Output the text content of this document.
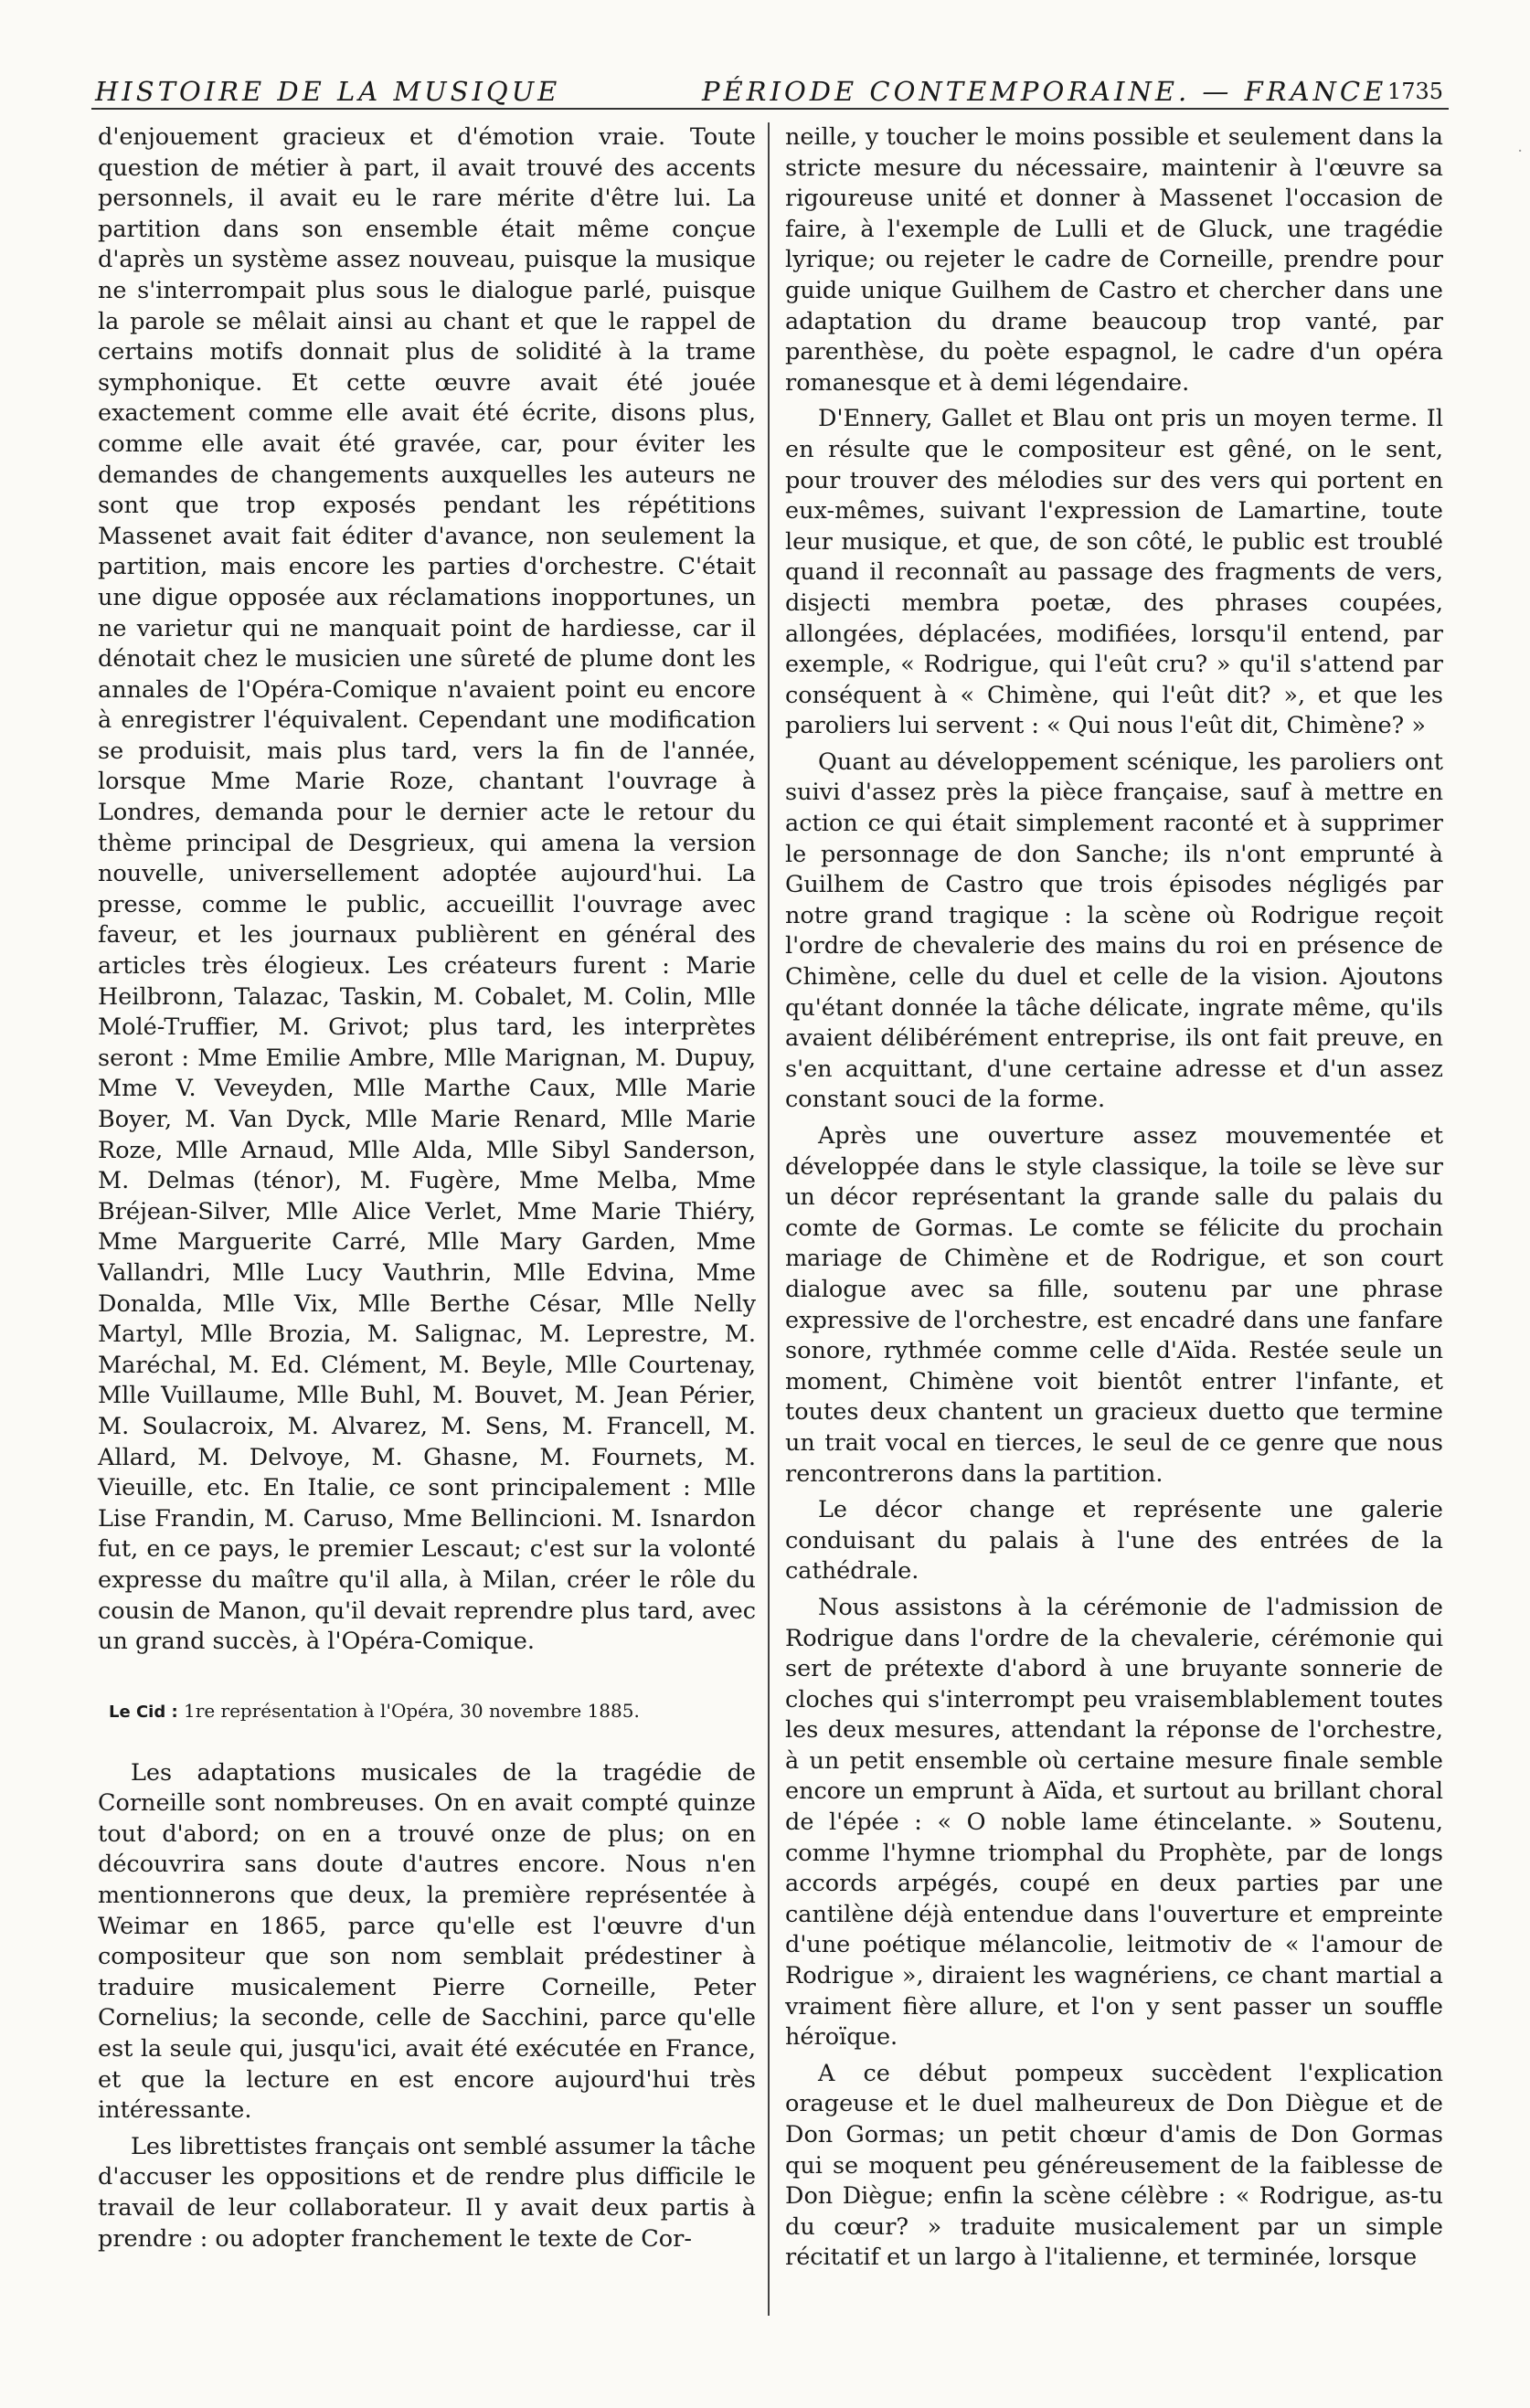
HISTOIRE DE LA MUSIQUE	PÉRIODE CONTEMPORAINE. — FRANCE 1735
·

d'enjouement gracieux et d'émotion vraie. Toute question de métier à part, il avait trouvé des accents personnels, il avait eu le rare mérite d'être lui. La partition dans son ensemble était même conçue d'après un système assez nouveau, puisque la musique ne s'interrompait plus sous le dialogue parlé, puisque la parole se mêlait ainsi au chant et que le rappel de certains motifs donnait plus de solidité à la trame symphonique. Et cette œuvre avait été jouée exactement comme elle avait été écrite, disons plus, comme elle avait été gravée, car, pour éviter les demandes de changements auxquelles les auteurs ne sont que trop exposés pendant les répétitions Massenet avait fait éditer d'avance, non seulement la partition, mais encore les parties d'orchestre. C'était une digue opposée aux réclamations inopportunes, un ne varietur qui ne manquait point de hardiesse, car il dénotait chez le musicien une sûreté de plume dont les annales de l'Opéra-Comique n'avaient point eu encore à enregistrer l'équivalent. Cependant une modification se produisit, mais plus tard, vers la fin de l'année, lorsque Mme Marie Roze, chantant l'ouvrage à Londres, demanda pour le dernier acte le retour du thème principal de Desgrieux, qui amena la version nouvelle, universellement adoptée aujourd'hui. La presse, comme le public, accueillit l'ouvrage avec faveur, et les journaux publièrent en général des articles très élogieux. Les créateurs furent : Marie Heilbronn, Talazac, Taskin, M. Cobalet, M. Colin, Mlle Molé-Truffier, M. Grivot; plus tard, les interprètes seront : Mme Emilie Ambre, Mlle Marignan, M. Dupuy, Mme V. Veveyden, Mlle Marthe Caux, Mlle Marie Boyer, M. Van Dyck, Mlle Marie Renard, Mlle Marie Roze, Mlle Arnaud, Mlle Alda, Mlle Sibyl Sanderson, M. Delmas (ténor), M. Fugère, Mme Melba, Mme Bréjean-Silver, Mlle Alice Verlet, Mme Marie Thiéry, Mme Marguerite Carré, Mlle Mary Garden, Mme Vallandri, Mlle Lucy Vauthrin, Mlle Edvina, Mme Donalda, Mlle Vix, Mlle Berthe César, Mlle Nelly Martyl, Mlle Brozia, M. Salignac, M. Leprestre, M. Maréchal, M. Ed. Clément, M. Beyle, Mlle Courtenay, Mlle Vuillaume, Mlle Buhl, M. Bouvet, M. Jean Périer, M. Soulacroix, M. Alvarez, M. Sens, M. Francell, M. Allard, M. Delvoye, M. Ghasne, M. Fournets, M. Vieuille, etc. En Italie, ce sont principalement : Mlle Lise Frandin, M. Caruso, Mme Bellincioni. M. Isnardon fut, en ce pays, le premier Lescaut; c'est sur la volonté expresse du maître qu'il alla, à Milan, créer le rôle du cousin de Manon, qu'il devait reprendre plus tard, avec un grand succès, à l'Opéra-Comique.

Le Cid : 1re représentation à l'Opéra, 30 novembre 1885.

Les adaptations musicales de la tragédie de Corneille sont nombreuses. On en avait compté quinze tout d'abord; on en a trouvé onze de plus; on en découvrira sans doute d'autres encore. Nous n'en mentionnerons que deux, la première représentée à Weimar en 1865, parce qu'elle est l'œuvre d'un compositeur que son nom semblait prédestiner à traduire musicalement Pierre Corneille, Peter Cornelius; la seconde, celle de Sacchini, parce qu'elle est la seule qui, jusqu'ici, avait été exécutée en France, et que la lecture en est encore aujourd'hui très intéressante.

Les librettistes français ont semblé assumer la tâche d'accuser les oppositions et de rendre plus difficile le travail de leur collaborateur. Il y avait deux partis à prendre : ou adopter franchement le texte de Cor-

neille, y toucher le moins possible et seulement dans la stricte mesure du nécessaire, maintenir à l'œuvre sa rigoureuse unité et donner à Massenet l'occasion de faire, à l'exemple de Lulli et de Gluck, une tragédie lyrique; ou rejeter le cadre de Corneille, prendre pour guide unique Guilhem de Castro et chercher dans une adaptation du drame beaucoup trop vanté, par parenthèse, du poète espagnol, le cadre d'un opéra romanesque et à demi légendaire.

D'Ennery, Gallet et Blau ont pris un moyen terme. Il en résulte que le compositeur est gêné, on le sent, pour trouver des mélodies sur des vers qui portent en eux-mêmes, suivant l'expression de Lamartine, toute leur musique, et que, de son côté, le public est troublé quand il reconnaît au passage des fragments de vers, disjecti membra poetæ, des phrases coupées, allongées, déplacées, modifiées, lorsqu'il entend, par exemple, « Rodrigue, qui l'eût cru? » qu'il s'attend par conséquent à « Chimène, qui l'eût dit? », et que les paroliers lui servent : « Qui nous l'eût dit, Chimène? »

Quant au développement scénique, les paroliers ont suivi d'assez près la pièce française, sauf à mettre en action ce qui était simplement raconté et à supprimer le personnage de don Sanche; ils n'ont emprunté à Guilhem de Castro que trois épisodes négligés par notre grand tragique : la scène où Rodrigue reçoit l'ordre de chevalerie des mains du roi en présence de Chimène, celle du duel et celle de la vision. Ajoutons qu'étant donnée la tâche délicate, ingrate même, qu'ils avaient délibérément entreprise, ils ont fait preuve, en s'en acquittant, d'une certaine adresse et d'un assez constant souci de la forme.

Après une ouverture assez mouvementée et développée dans le style classique, la toile se lève sur un décor représentant la grande salle du palais du comte de Gormas. Le comte se félicite du prochain mariage de Chimène et de Rodrigue, et son court dialogue avec sa fille, soutenu par une phrase expressive de l'orchestre, est encadré dans une fanfare sonore, rythmée comme celle d'Aïda. Restée seule un moment, Chimène voit bientôt entrer l'infante, et toutes deux chantent un gracieux duetto que termine un trait vocal en tierces, le seul de ce genre que nous rencontrerons dans la partition.

Le décor change et représente une galerie conduisant du palais à l'une des entrées de la cathédrale.

Nous assistons à la cérémonie de l'admission de Rodrigue dans l'ordre de la chevalerie, cérémonie qui sert de prétexte d'abord à une bruyante sonnerie de cloches qui s'interrompt peu vraisemblablement toutes les deux mesures, attendant la réponse de l'orchestre, à un petit ensemble où certaine mesure finale semble encore un emprunt à Aïda, et surtout au brillant choral de l'épée : « O noble lame étincelante. » Soutenu, comme l'hymne triomphal du Prophète, par de longs accords arpégés, coupé en deux parties par une cantilène déjà entendue dans l'ouverture et empreinte d'une poétique mélancolie, leitmotiv de « l'amour de Rodrigue », diraient les wagnériens, ce chant martial a vraiment fière allure, et l'on y sent passer un souffle héroïque.

A ce début pompeux succèdent l'explication orageuse et le duel malheureux de Don Diègue et de Don Gormas; un petit chœur d'amis de Don Gormas qui se moquent peu généreusement de la faiblesse de Don Diègue; enfin la scène célèbre : « Rodrigue, as-tu du cœur? » traduite musicalement par un simple récitatif et un largo à l'italienne, et terminée, lorsque
